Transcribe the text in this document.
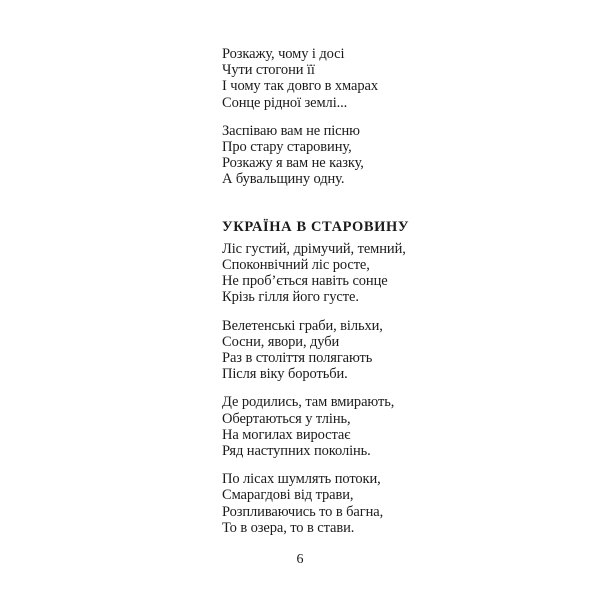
Розкажу, чому і досі
Чути стогони її
І чому так довго в хмарах
Сонце рідної землі...

Заспіваю вам не пісню
Про стару старовину,
Розкажу я вам не казку,
А бувальщину одну.

УКРАЇНА В СТАРОВИНУ

Ліс густий, дрімучий, темний,
Споконвічний ліс росте,
Не проб’ється навіть сонце
Крізь гілля його густе.

Велетенські граби, вільхи,
Сосни, явори, дуби
Раз в століття полягають
Після віку боротьби.

Де родились, там вмирають,
Обертаються у тлінь,
На могилах виростає
Ряд наступних поколінь.

По лісах шумлять потоки,
Смарагдові від трави,
Розпливаючись то в багна,
То в озера, то в стави.

6
